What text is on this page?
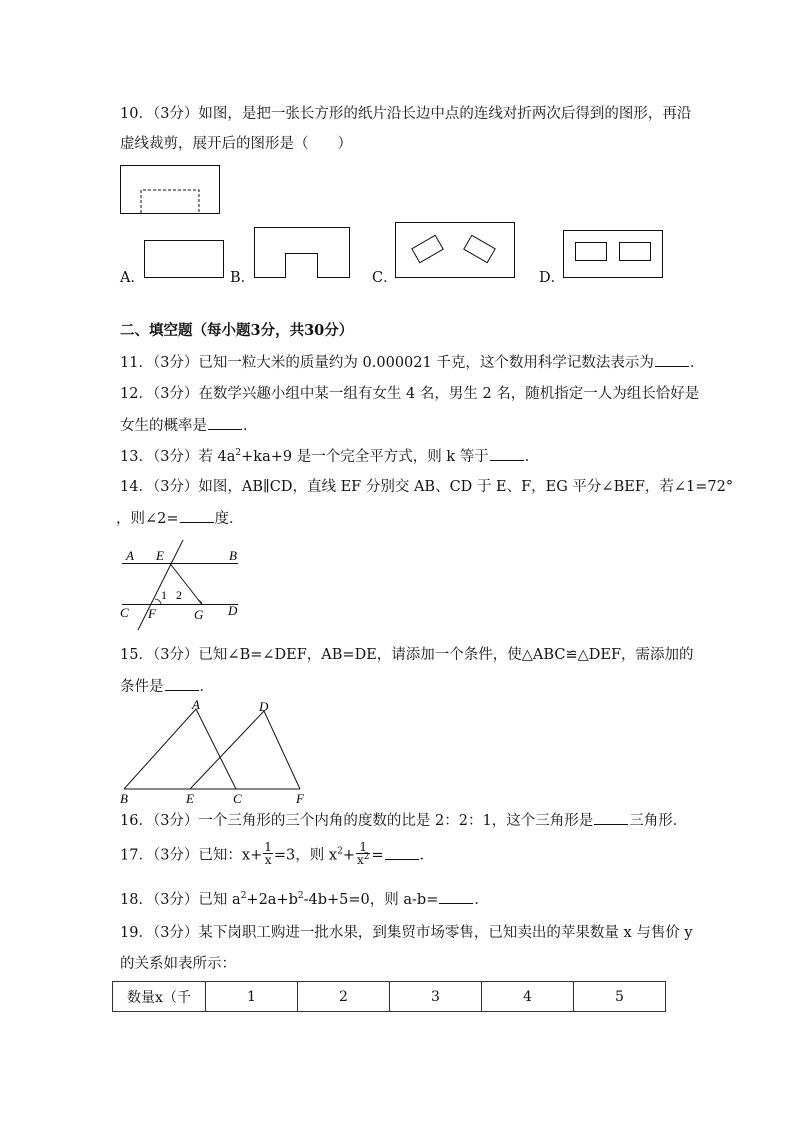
10．（3分）如图，是把一张长方形的纸片沿长边中点的连线对折两次后得到的图形，再沿
虚线裁剪，展开后的图形是（　　）
A．	B．	C．	D．
二、填空题（每小题3分，共30分）
11．（3分）已知一粒大米的质量约为 0.000021 千克，这个数用科学记数法表示为 ．
12．（3分）在数学兴趣小组中某一组有女生 4 名，男生 2 名，随机指定一人为组长恰好是
女生的概率是 ．
13．（3分）若 $4a^2+ka+9$ 是一个完全平方式，则 k 等于 ．
14．（3分）如图，AB∥CD，直线 EF 分别交 AB、CD 于 E、F，EG 平分∠BEF，若∠1=72°
，则∠2= 度．
A E	B
C F	G D
1 2
15．（3分）已知∠B=∠DEF，AB=DE，请添加一个条件，使△ABC≌△DEF，需添加的
条件是 ．
A	D
B	E	C	F
16．（3分）一个三角形的三个内角的度数的比是 2：2：1，这个三角形是 三角形．
17．（3分）已知：$x+ \frac{1}{x} =3$，则 $x^2+ \frac{1}{x^2}$ = ．
18．（3分）已知 $a^2+2a+b^2-4b+5=0$，则 a-b= ．
19．（3分）某下岗职工购进一批水果，到集贸市场零售，已知卖出的苹果数量 x 与售价 y
的关系如表所示：
数量x（千	1	2	3	4	5
